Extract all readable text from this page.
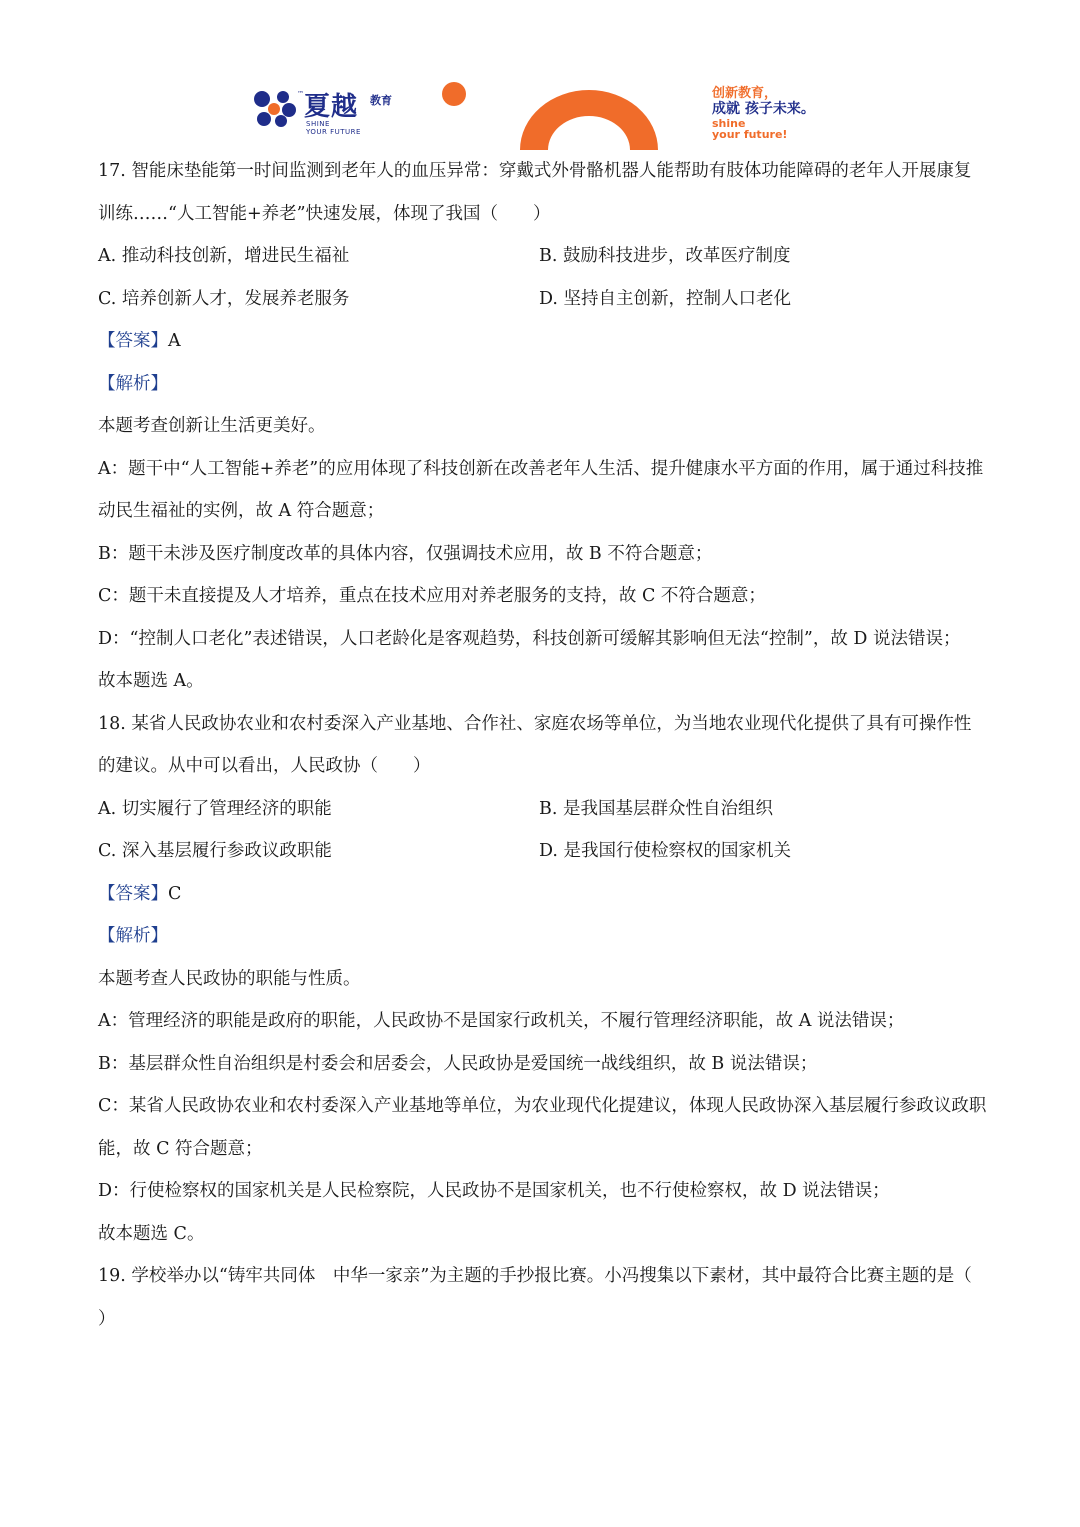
™ 夏越 教育
SHINE
YOUR FUTURE
创新教育，
成就 孩子未来。
shine
your future!

17. 智能床垫能第一时间监测到老年人的血压异常：穿戴式外骨骼机器人能帮助有肢体功能障碍的老年人开展康复训练……“人工智能+养老”快速发展，体现了我国（　　）

A. 推动科技创新，增进民生福祉	B. 鼓励科技进步，改革医疗制度
C. 培养创新人才，发展养老服务	D. 坚持自主创新，控制人口老化

【答案】A

【解析】

本题考查创新让生活更美好。

A：题干中“人工智能+养老”的应用体现了科技创新在改善老年人生活、提升健康水平方面的作用，属于通过科技推动民生福祉的实例，故 A 符合题意；

B：题干未涉及医疗制度改革的具体内容，仅强调技术应用，故 B 不符合题意；

C：题干未直接提及人才培养，重点在技术应用对养老服务的支持，故 C 不符合题意；

D：“控制人口老化”表述错误，人口老龄化是客观趋势，科技创新可缓解其影响但无法“控制”，故 D 说法错误；

故本题选 A。

18. 某省人民政协农业和农村委深入产业基地、合作社、家庭农场等单位，为当地农业现代化提供了具有可操作性的建议。从中可以看出，人民政协（　　）

A. 切实履行了管理经济的职能	B. 是我国基层群众性自治组织
C. 深入基层履行参政议政职能	D. 是我国行使检察权的国家机关

【答案】C

【解析】

本题考查人民政协的职能与性质。

A：管理经济的职能是政府的职能，人民政协不是国家行政机关，不履行管理经济职能，故 A 说法错误；

B：基层群众性自治组织是村委会和居委会，人民政协是爱国统一战线组织，故 B 说法错误；

C：某省人民政协农业和农村委深入产业基地等单位，为农业现代化提建议，体现人民政协深入基层履行参政议政职能，故 C 符合题意；

D：行使检察权的国家机关是人民检察院，人民政协不是国家机关，也不行使检察权，故 D 说法错误；

故本题选 C。

19. 学校举办以“铸牢共同体　中华一家亲”为主题的手抄报比赛。小冯搜集以下素材，其中最符合比赛主题的是（　　）
